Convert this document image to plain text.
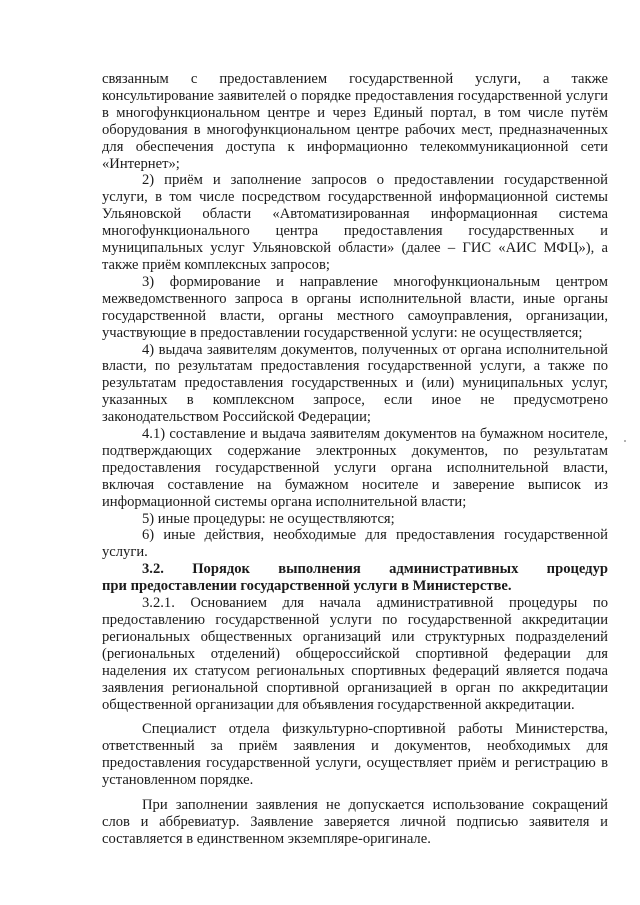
связанным с предоставлением государственной услуги, а также консультирование заявителей о порядке предоставления государственной услуги в многофункциональном центре и через Единый портал, в том числе путём оборудования в многофункциональном центре рабочих мест, предназначенных для обеспечения доступа к информационно телекоммуникационной сети «Интернет»;

2) приём и заполнение запросов о предоставлении государственной услуги, в том числе посредством государственной информационной системы Ульяновской области «Автоматизированная информационная система многофункционального центра предоставления государственных и муниципальных услуг Ульяновской области» (далее – ГИС «АИС МФЦ»), а также приём комплексных запросов;

3) формирование и направление многофункциональным центром межведомственного запроса в органы исполнительной власти, иные органы государственной власти, органы местного самоуправления, организации, участвующие в предоставлении государственной услуги: не осуществляется;

4) выдача заявителям документов, полученных от органа исполнительной власти, по результатам предоставления государственной услуги, а также по результатам предоставления государственных и (или) муниципальных услуг, указанных в комплексном запросе, если иное не предусмотрено законодательством Российской Федерации;

4.1) составление и выдача заявителям документов на бумажном носителе, подтверждающих содержание электронных документов, по результатам предоставления государственной услуги органа исполнительной власти, включая составление на бумажном носителе и заверение выписок из информационной системы органа исполнительной власти;

5) иные процедуры: не осуществляются;

6) иные действия, необходимые для предоставления государственной услуги.

3.2. Порядок выполнения административных процедур

при предоставлении государственной услуги в Министерстве.

3.2.1. Основанием для начала административной процедуры по предоставлению государственной услуги по государственной аккредитации региональных общественных организаций или структурных подразделений (региональных отделений) общероссийской спортивной федерации для наделения их статусом региональных спортивных федераций является подача заявления региональной спортивной организацией в орган по аккредитации общественной организации для объявления государственной аккредитации.

Специалист отдела физкультурно-спортивной работы Министерства, ответственный за приём заявления и документов, необходимых для предоставления государственной услуги, осуществляет приём и регистрацию в установленном порядке.

При заполнении заявления не допускается использование сокращений слов и аббревиатур. Заявление заверяется личной подписью заявителя и составляется в единственном экземпляре-оригинале.
